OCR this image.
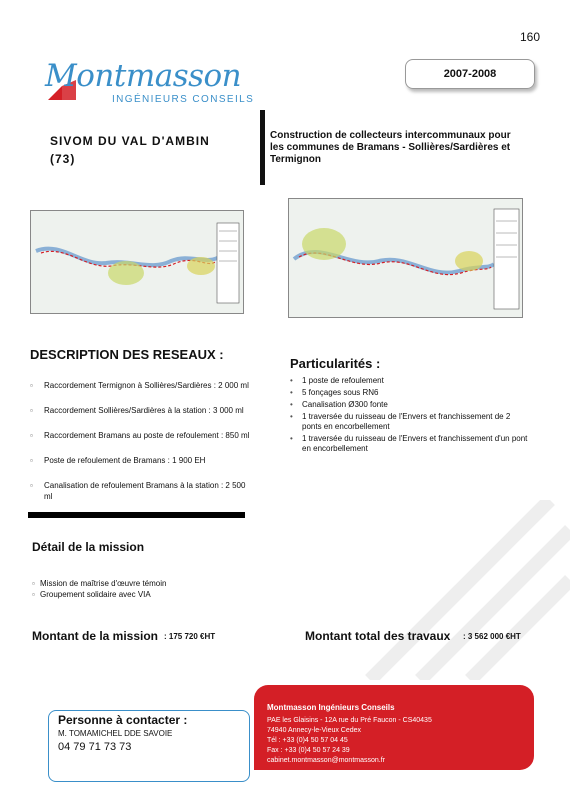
160
Montmasson
INGÉNIEURS CONSEILS
2007-2008
SIVOM DU VAL D'AMBIN
(73)
Construction de collecteurs intercommunaux pour les communes de Bramans - Sollières/Sardières et Termignon
DESCRIPTION DES RESEAUX :
▫ Raccordement Termignon à Sollières/Sardières : 2 000 ml
▫ Raccordement Sollières/Sardières à la station : 3 000 ml
▫ Raccordement Bramans au poste de refoulement : 850 ml
▫ Poste de refoulement de Bramans : 1 900 EH
▫ Canalisation de refoulement Bramans à la station : 2 500 ml
Particularités :
• 1 poste de refoulement
• 5 fonçages sous RN6
• Canalisation Ø300 fonte
• 1 traversée du ruisseau de l'Envers et franchissement de 2 ponts en encorbellement
• 1 traversée du ruisseau de l'Envers et franchissement d'un pont en encorbellement
Détail de la mission
▫ Mission de maîtrise d'œuvre témoin
▫ Groupement solidaire avec VIA
Montant de la mission : 175 720 €HT	Montant total des travaux : 3 562 000 €HT
Montmasson Ingénieurs Conseils
PAE les Glaisins - 12A rue du Pré Faucon - CS40435
74940 Annecy-le-Vieux Cedex
Tél : +33 (0)4 50 57 04 45
Fax : +33 (0)4 50 57 24 39
cabinet.montmasson@montmasson.fr
Personne à contacter :
M. TOMAMICHEL DDE SAVOIE
04 79 71 73 73
